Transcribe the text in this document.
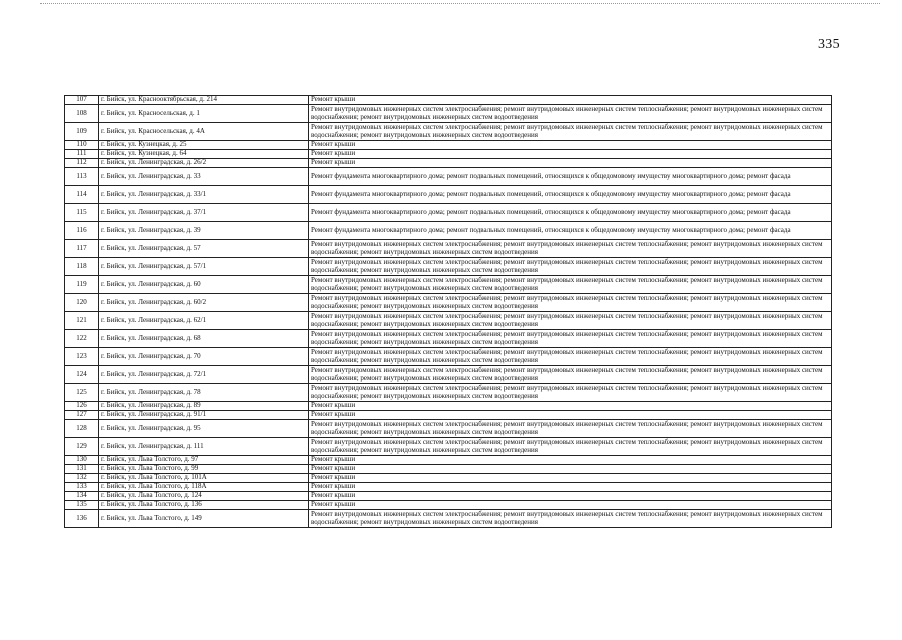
335
107	г. Бийск, ул. Краснооктябрьская, д. 214	Ремонт крыши
108	г. Бийск, ул. Красносельская, д. 1	Ремонт внутридомовых инженерных систем электроснабжения; ремонт внутридомовых инженерных систем теплоснабжения; ремонт внутридомовых инженерных систем водоснабжения; ремонт внутридомовых инженерных систем водоотведения
109	г. Бийск, ул. Красносельская, д. 4А	Ремонт внутридомовых инженерных систем электроснабжения; ремонт внутридомовых инженерных систем теплоснабжения; ремонт внутридомовых инженерных систем водоснабжения; ремонт внутридомовых инженерных систем водоотведения
110	г. Бийск, ул. Кузнецкая, д. 25	Ремонт крыши
111	г. Бийск, ул. Кузнецкая, д. 64	Ремонт крыши
112	г. Бийск, ул. Ленинградская, д. 26/2	Ремонт крыши
113	г. Бийск, ул. Ленинградская, д. 33	Ремонт фундамента многоквартирного дома; ремонт подвальных помещений, относящихся к общедомовому имуществу многоквартирного дома; ремонт фасада
114	г. Бийск, ул. Ленинградская, д. 33/1	Ремонт фундамента многоквартирного дома; ремонт подвальных помещений, относящихся к общедомовому имуществу многоквартирного дома; ремонт фасада
115	г. Бийск, ул. Ленинградская, д. 37/1	Ремонт фундамента многоквартирного дома; ремонт подвальных помещений, относящихся к общедомовому имуществу многоквартирного дома; ремонт фасада
116	г. Бийск, ул. Ленинградская, д. 39	Ремонт фундамента многоквартирного дома; ремонт подвальных помещений, относящихся к общедомовому имуществу многоквартирного дома; ремонт фасада
117	г. Бийск, ул. Ленинградская, д. 57	Ремонт внутридомовых инженерных систем электроснабжения; ремонт внутридомовых инженерных систем теплоснабжения; ремонт внутридомовых инженерных систем водоснабжения; ремонт внутридомовых инженерных систем водоотведения
118	г. Бийск, ул. Ленинградская, д. 57/1	Ремонт внутридомовых инженерных систем электроснабжения; ремонт внутридомовых инженерных систем теплоснабжения; ремонт внутридомовых инженерных систем водоснабжения; ремонт внутридомовых инженерных систем водоотведения
119	г. Бийск, ул. Ленинградская, д. 60	Ремонт внутридомовых инженерных систем электроснабжения; ремонт внутридомовых инженерных систем теплоснабжения; ремонт внутридомовых инженерных систем водоснабжения; ремонт внутридомовых инженерных систем водоотведения
120	г. Бийск, ул. Ленинградская, д. 60/2	Ремонт внутридомовых инженерных систем электроснабжения; ремонт внутридомовых инженерных систем теплоснабжения; ремонт внутридомовых инженерных систем водоснабжения; ремонт внутридомовых инженерных систем водоотведения
121	г. Бийск, ул. Ленинградская, д. 62/1	Ремонт внутридомовых инженерных систем электроснабжения; ремонт внутридомовых инженерных систем теплоснабжения; ремонт внутридомовых инженерных систем водоснабжения; ремонт внутридомовых инженерных систем водоотведения
122	г. Бийск, ул. Ленинградская, д. 68	Ремонт внутридомовых инженерных систем электроснабжения; ремонт внутридомовых инженерных систем теплоснабжения; ремонт внутридомовых инженерных систем водоснабжения; ремонт внутридомовых инженерных систем водоотведения
123	г. Бийск, ул. Ленинградская, д. 70	Ремонт внутридомовых инженерных систем электроснабжения; ремонт внутридомовых инженерных систем теплоснабжения; ремонт внутридомовых инженерных систем водоснабжения; ремонт внутридомовых инженерных систем водоотведения
124	г. Бийск, ул. Ленинградская, д. 72/1	Ремонт внутридомовых инженерных систем электроснабжения; ремонт внутридомовых инженерных систем теплоснабжения; ремонт внутридомовых инженерных систем водоснабжения; ремонт внутридомовых инженерных систем водоотведения
125	г. Бийск, ул. Ленинградская, д. 78	Ремонт внутридомовых инженерных систем электроснабжения; ремонт внутридомовых инженерных систем теплоснабжения; ремонт внутридомовых инженерных систем водоснабжения; ремонт внутридомовых инженерных систем водоотведения
126	г. Бийск, ул. Ленинградская, д. 89	Ремонт крыши
127	г. Бийск, ул. Ленинградская, д. 91/1	Ремонт крыши
128	г. Бийск, ул. Ленинградская, д. 95	Ремонт внутридомовых инженерных систем электроснабжения; ремонт внутридомовых инженерных систем теплоснабжения; ремонт внутридомовых инженерных систем водоснабжения; ремонт внутридомовых инженерных систем водоотведения
129	г. Бийск, ул. Ленинградская, д. 111	Ремонт внутридомовых инженерных систем электроснабжения; ремонт внутридомовых инженерных систем теплоснабжения; ремонт внутридомовых инженерных систем водоснабжения; ремонт внутридомовых инженерных систем водоотведения
130	г. Бийск, ул. Льва Толстого, д. 97	Ремонт крыши
131	г. Бийск, ул. Льва Толстого, д. 99	Ремонт крыши
132	г. Бийск, ул. Льва Толстого, д. 101А	Ремонт крыши
133	г. Бийск, ул. Льва Толстого, д. 118А	Ремонт крыши
134	г. Бийск, ул. Льва Толстого, д. 124	Ремонт крыши
135	г. Бийск, ул. Льва Толстого, д. 136	Ремонт крыши
136	г. Бийск, ул. Льва Толстого, д. 149	Ремонт внутридомовых инженерных систем электроснабжения; ремонт внутридомовых инженерных систем теплоснабжения; ремонт внутридомовых инженерных систем водоснабжения; ремонт внутридомовых инженерных систем водоотведения
